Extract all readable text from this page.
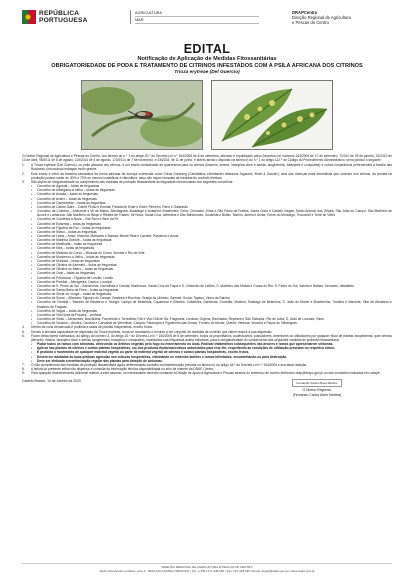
REPÚBLICA
PORTUGUESA
AGRICULTURA
MAR
DRAPCentro
Direção Regional de Agricultura
e Pescas do Centro
EDITAL
Notificação de Aplicação de Medidas Fitossanitárias
OBRIGATORIEDADE DE PODA E TRATAMENTO DE CITRINOS INFESTADOS COM A PSILA AFRICANA DOS CITRINOS
Trioza erytreae (Del Guercio)

O Diretor Regional de Agricultura e Pescas do Centro, nos termos do n.º 1 do artigo 20.º do Decreto-Lei n.º 154/2005 de 6 de setembro, alterado e republicado pelos Decretos-Lei números 243/2009 de 17 de setembro, 7/2010 de 25 de janeiro, 32/2010 de 13 de abril, 95/2011 de 8 de agosto, 115/2014 de 5 de agosto, 170/2014 de 7 de novembro, e 43/2018, de 11 de junho, e atento ainda o disposto na alínea d) do n.º 1 do artigo 112.º do Código do Procedimento Administrativo, torna público o seguinte:

1.	A Trioza erytreae (Del Guercio), ou psila africana dos citrinos, é um inseto considerado de quarentena para os citrinos (limoeiro, limeira, laranjeira doce e azeda, tangerineira, toranjeira e cunquates) e outros hospedeiros pertencentes à família das Rutáceas, provocando estragos muito graves.
2.	Este inseto é vetor da bactéria causadora da forma africana da doença conhecida como Citrus Greening (Candidatus Liberibacter africanus Jagoueix, Bové & Garnier), uma das doenças mais destrutivas que ocorrem nos citrinos. As perdas na produção podem variar de 30% a 70% ou mesmo inviabilizar a citricultura, caso não sejam tomadas as medidas de controlo efetivas.
3.	São objeto de obrigatoriedade do cumprimento das medidas de proteção fitossanitária as freguesias mencionadas dos seguintes concelhos:
▪ Concelho de Águeda – todas as freguesias
▪ Concelho de Albergaria-a-Velha – todas as freguesias
▪ Concelho de Anadia – todas as freguesias
▪ Concelho de Aveiro – todas as freguesias
▪ Concelho de Cantanhede – todas as freguesias
▪ Concelho de Castro Daire – Cabril; Picão e Ermida; Parada de Ester e Ester; Pinheiro; Reriz e Gafanhão
▪ Concelho de Coimbra – Antuzede e Vil de Matos; Almalaguês; Assafarge e Antanhol; Brasfemes; Ceira; Cernache; Eiras e São Paulo de Frades; Santa Clara e Castelo Viegas; Santo António dos Olivais; São João do Campo; São Martinho de Árvore e Lamarosa; São Martinho do Bispo e Ribeira de Frades; Sé Nova, Santa Cruz, Almedina e São Bartolomeu; Souselas e Botão; Taveiro, Ameal e Arzila; Torres do Mondego; Trouxemil e Torre de Vilela
▪ Concelho de Condeixa-a-Nova – Vila Seca e Bem da Fé
▪ Concelho de Estarreja – todas as freguesias
▪ Concelho de Figueira da Foz – todas as freguesias
▪ Concelho de Ílhavo – todas as freguesias
▪ Concelho de Leiria – Amor; Maceira; Marrazes e Barosa; Monte Real e Carvide; Parceiros e Azoia
▪ Concelho de Marinha Grande – todas as freguesias
▪ Concelho de Mealhada – todas as freguesias
▪ Concelho de Mira – todas as freguesias
▪ Concelho de Miranda do Corvo – Miranda do Corvo; Semide e Rio de Vide
▪ Concelho de Montemor-o-Velho – todas as freguesias
▪ Concelho de Murtosa – todas as freguesias
▪ Concelho de Oliveira de Azeméis – todas as freguesias
▪ Concelho de Oliveira do Bairro – todas as freguesias
▪ Concelho de Ovar – todas as freguesias
▪ Concelho de Penacova – Figueira de Lorvão; Lorvão
▪ Concelho de Pombal – Almagreira; Carriço; Louriçal
▪ Concelho de S. Pedro do Sul – Bordonhos; Carvalhais e Candal; Manhouce; Santa Cruz da Trapa e S. Cristóvão de Lafões; S. Martinho das Moitas e Covas do Rio; S. Pedro do Sul, Várzea e Baiões; Serrazes; Valadares
▪ Concelho de Santa Maria da Feira – todas as freguesias
▪ Concelho de Sever do Vouga – todas as freguesias
▪ Concelho de Soure – Alfarelos; Figueiró do Campo; Gesteira e Brunhós; Granja do Ulmeiro; Samuel; Soure; Tapéus; Vinha da Rainha
▪ Concelho de Tondela – Barreiro de Besteiros e Tourigo; Campo de Besteiros; Caparrosa e Silvares; Castelões; Dardavaz; Guardão; Molelos; Santiago de Besteiros; S. João do Monte e Mosteirinho; Tondela e Nandufe; Vilar de Besteiros e Mosteiro de Fragoas
▪ Concelho de Vagos – todas as freguesias
▪ Concelho de Vila Nova de Poiares – Arrifana
▪ Concelho de Viseu – Abraveses; Boa Aldeia, Farminhão e Torredeita; Fail e Vila Chã de Sá; Fragosela; Lordosa; Orgens; Ranhados; Repeses e São Salvador; Rio de Loba; S. João de Lourosa; Viseu
▪ Concelho de Vouzela – Alcofra; Cambra e Carvalhal de Vermilhas; Campia; Fataunços e Figueiredo das Donas; Fornelo do Monte; Queirã; Ventosa; Vouzela e Paços de Vilharigues
4.	Dentro da zona demarcada é proibida a saída de plantas hospedeiras, exceto frutos.
5.	Devido à elevada capacidade de dispersão da Trioza erytreae, torna-se necessário o recurso a um conjunto de medidas de controlo que visem reduzir a sua dispersão.
6.	Ficam desta forma notificados, ao abrigo do número 3, do artigo 20.º do Decreto-Lei n.º 154/2005 de 6 de setembro, todos os proprietários, usufrutuários, possuidores, detentores ou utilizadores por qualquer título de plantas hospedeiras, quer citrinos (limoeiro, limeira, laranjeira doce e azeda, tangerineira, toranjeira e cunquates), localizados nas freguesias acima indicadas, para a obrigatoriedade do cumprimento das seguintes medidas de proteção fitossanitária:
▪ Podar todos os ramos com sintomas, destruindo os detritos vegetais pelo fogo ou enterramento no local. Realizar tratamentos subsequentes nas árvores e ramos que apresentarem sintomas.
▪ Aplicar nas plantas de citrinos e outras plantas hospedeiras, um dos produtos fitofarmacêuticos autorizados para este fim, respeitando as condições de utilização previstas no respetivo rótulo.
▪ É proibido o movimento de qualquer material vegetal ou parte de material vegetal de citrinos e outras plantas hospedeiras, exceto frutos.
▪ Devem ser adotadas as boas práticas agrícolas nas culturas hospedeiras, eliminando os rebentos ladrões e ramos infestados, encaminhando-os para destruição.
▪ Deve ser efetuada a monitorização regular das plantas para deteção de sintomas.
7.	O não cumprimento das medidas de proteção fitossanitária agora determinadas constitui contraordenação prevista na alínea m) do artigo 44.º do Decreto-Lei n.º 154/2005 e sua atual redação.
8.	A leitura do presente edital não dispensa a consulta da informação técnica disponibilizada no sítio da internet da DRAP Centro.
9.	Para qualquer esclarecimento adicional relativo a este assunto, os interessados deverão contactar a Divisão de Apoio à Agricultura e Pescas através do endereço de correio eletrónico drap@drapc.gov.pt ou dos contactos indicados em rodapé.
Castelo Branco, 14 de Janeiro de 2020	Fernando Carlos Alves Martins
O Diretor Regional,
(Fernando Carlos Alves Martins)
DIREÇÃO REGIONAL DE AGRICULTURA E PESCAS DO CENTRO
Sede: Rua Amato Lusitano, Lote 3 · 6000-150 CASTELO BRANCO | Tel.: (+351) 272 348 600 | Fax: 272 348 625 | Email: drapc@drapc.gov.pt | www.drapc.gov.pt
